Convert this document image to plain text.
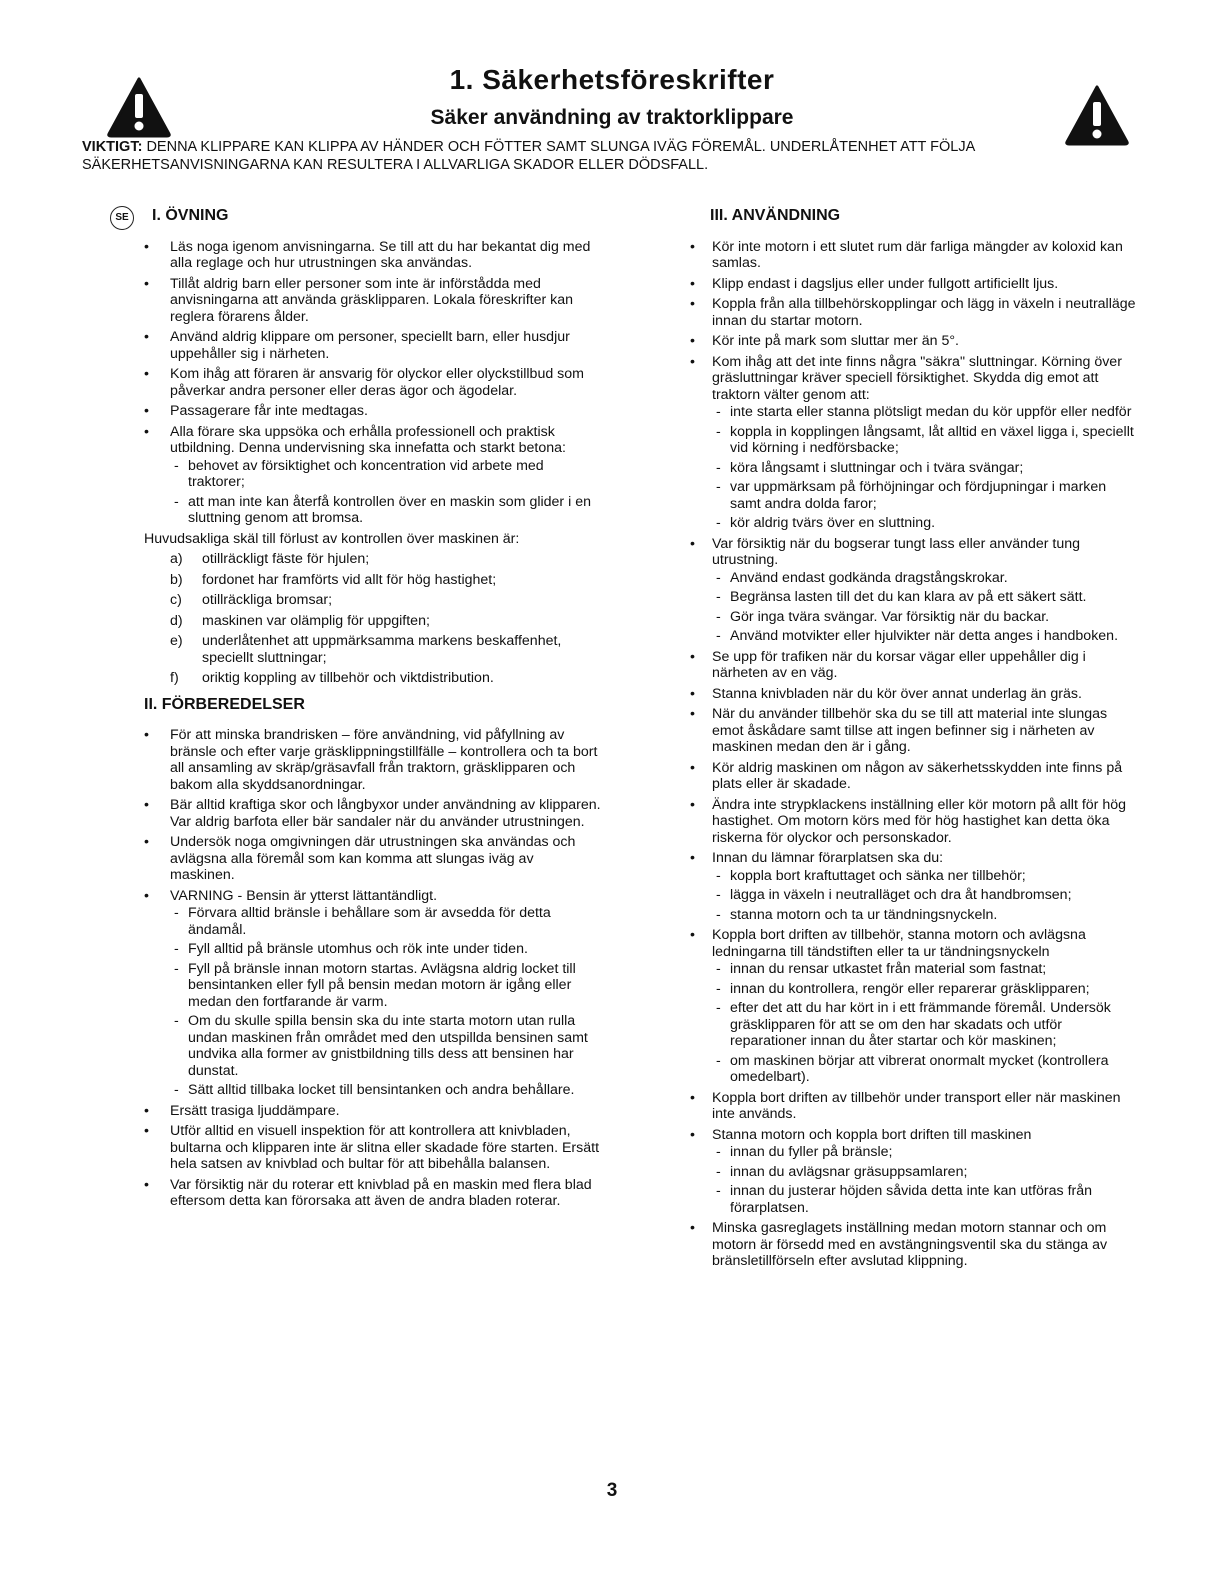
1. Säkerhetsföreskrifter
Säker användning av traktorklippare
VIKTIGT: DENNA KLIPPARE KAN KLIPPA AV HÄNDER OCH FÖTTER SAMT SLUNGA IVÄG FÖREMÅL. UNDERLÅTENHET ATT FÖLJA SÄKERHETSANVISNINGARNA KAN RESULTERA I ALLVARLIGA SKADOR ELLER DÖDSFALL.
SE	I. ÖVNING
• Läs noga igenom anvisningarna. Se till att du har bekantat dig med alla reglage och hur utrustningen ska användas.
• Tillåt aldrig barn eller personer som inte är införstådda med anvisningarna att använda gräsklipparen. Lokala föreskrifter kan reglera förarens ålder.
• Använd aldrig klippare om personer, speciellt barn, eller husdjur uppehåller sig i närheten.
• Kom ihåg att föraren är ansvarig för olyckor eller olyckstillbud som påverkar andra personer eller deras ägor och ägodelar.
• Passagerare får inte medtagas.
• Alla förare ska uppsöka och erhålla professionell och praktisk utbildning. Denna undervisning ska innefatta och starkt betona:
- behovet av försiktighet och koncentration vid arbete med traktorer;
- att man inte kan återfå kontrollen över en maskin som glider i en sluttning genom att bromsa.
Huvudsakliga skäl till förlust av kontrollen över maskinen är:
a) otillräckligt fäste för hjulen;
b) fordonet har framförts vid allt för hög hastighet;
c) otillräckliga bromsar;
d) maskinen var olämplig för uppgiften;
e) underlåtenhet att uppmärksamma markens beskaffenhet, speciellt sluttningar;
f) oriktig koppling av tillbehör och viktdistribution.
II. FÖRBEREDELSER
• För att minska brandrisken – före användning, vid påfyllning av bränsle och efter varje gräsklippningstillfälle – kontrollera och ta bort all ansamling av skräp/gräsavfall från traktorn, gräsklipparen och bakom alla skyddsanordningar.
• Bär alltid kraftiga skor och långbyxor under användning av klipparen. Var aldrig barfota eller bär sandaler när du använder utrustningen.
• Undersök noga omgivningen där utrustningen ska användas och avlägsna alla föremål som kan komma att slungas iväg av maskinen.
• VARNING - Bensin är ytterst lättantändligt.
- Förvara alltid bränsle i behållare som är avsedda för detta ändamål.
- Fyll alltid på bränsle utomhus och rök inte under tiden.
- Fyll på bränsle innan motorn startas. Avlägsna aldrig locket till bensintanken eller fyll på bensin medan motorn är igång eller medan den fortfarande är varm.
- Om du skulle spilla bensin ska du inte starta motorn utan rulla undan maskinen från området med den utspillda bensinen samt undvika alla former av gnistbildning tills dess att bensinen har dunstat.
- Sätt alltid tillbaka locket till bensintanken och andra behållare.
• Ersätt trasiga ljuddämpare.
• Utför alltid en visuell inspektion för att kontrollera att knivbladen, bultarna och klipparen inte är slitna eller skadade före starten. Ersätt hela satsen av knivblad och bultar för att bibehålla balansen.
• Var försiktig när du roterar ett knivblad på en maskin med flera blad eftersom detta kan förorsaka att även de andra bladen roterar.
III. ANVÄNDNING
• Kör inte motorn i ett slutet rum där farliga mängder av koloxid kan samlas.
• Klipp endast i dagsljus eller under fullgott artificiellt ljus.
• Koppla från alla tillbehörskopplingar och lägg in växeln i neutralläge innan du startar motorn.
• Kör inte på mark som sluttar mer än 5°.
• Kom ihåg att det inte finns några "säkra" sluttningar. Körning över gräsluttningar kräver speciell försiktighet. Skydda dig emot att traktorn välter genom att:
- inte starta eller stanna plötsligt medan du kör uppför eller nedför
- koppla in kopplingen långsamt, låt alltid en växel ligga i, speciellt vid körning i nedförsbacke;
- köra långsamt i sluttningar och i tvära svängar;
- var uppmärksam på förhöjningar och fördjupningar i marken samt andra dolda faror;
- kör aldrig tvärs över en sluttning.
• Var försiktig när du bogserar tungt lass eller använder tung utrustning.
- Använd endast godkända dragstångskrokar.
- Begränsa lasten till det du kan klara av på ett säkert sätt.
- Gör inga tvära svängar. Var försiktig när du backar.
- Använd motvikter eller hjulvikter när detta anges i handboken.
• Se upp för trafiken när du korsar vägar eller uppehåller dig i närheten av en väg.
• Stanna knivbladen när du kör över annat underlag än gräs.
• När du använder tillbehör ska du se till att material inte slungas emot åskådare samt tillse att ingen befinner sig i närheten av maskinen medan den är i gång.
• Kör aldrig maskinen om någon av säkerhetsskydden inte finns på plats eller är skadade.
• Ändra inte strypklackens inställning eller kör motorn på allt för hög hastighet. Om motorn körs med för hög hastighet kan detta öka riskerna för olyckor och personskador.
• Innan du lämnar förarplatsen ska du:
- koppla bort kraftuttaget och sänka ner tillbehör;
- lägga in växeln i neutralläget och dra åt handbromsen;
- stanna motorn och ta ur tändningsnyckeln.
• Koppla bort driften av tillbehör, stanna motorn och avlägsna ledningarna till tändstiften eller ta ur tändningsnyckeln
- innan du rensar utkastet från material som fastnat;
- innan du kontrollera, rengör eller reparerar gräsklipparen;
- efter det att du har kört in i ett främmande föremål. Undersök gräsklipparen för att se om den har skadats och utför reparationer innan du åter startar och kör maskinen;
- om maskinen börjar att vibrerat onormalt mycket (kontrollera omedelbart).
• Koppla bort driften av tillbehör under transport eller när maskinen inte används.
• Stanna motorn och koppla bort driften till maskinen
- innan du fyller på bränsle;
- innan du avlägsnar gräsuppsamlaren;
- innan du justerar höjden såvida detta inte kan utföras från förarplatsen.
• Minska gasreglagets inställning medan motorn stannar och om motorn är försedd med en avstängningsventil ska du stänga av bränsletillförseln efter avslutad klippning.
3
